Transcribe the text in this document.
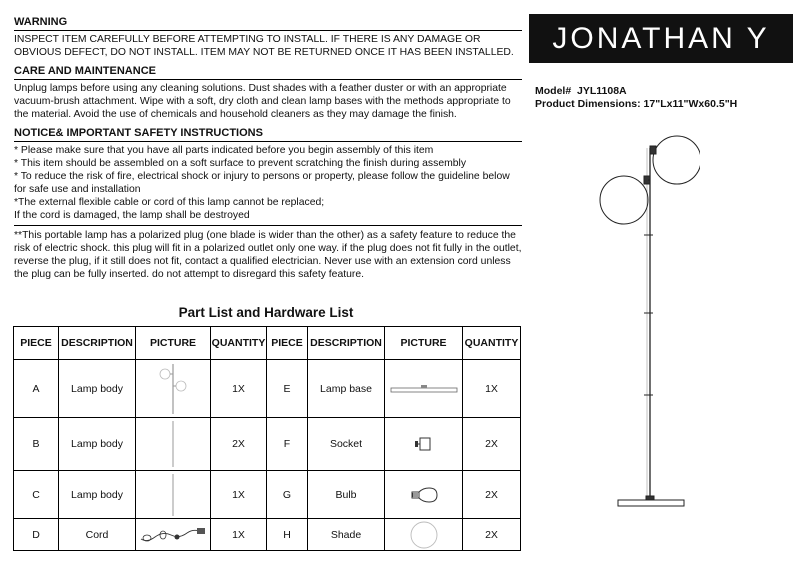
WARNING
INSPECT ITEM CAREFULLY BEFORE ATTEMPTING TO INSTALL. IF THERE IS ANY DAMAGE OR OBVIOUS DEFECT, DO NOT INSTALL. ITEM MAY NOT BE RETURNED ONCE IT HAS BEEN INSTALLED.
CARE AND MAINTENANCE
Unplug lamps before using any cleaning solutions. Dust shades with a feather duster or with an appropriate vacuum-brush attachment. Wipe with a soft, dry cloth and clean lamp bases with the methods appropriate to the material. Avoid the use of chemicals and household cleaners as they may damage the finish.
NOTICE& IMPORTANT SAFETY INSTRUCTIONS

* Please make sure that you have all parts indicated before you begin assembly of this item

* This item should be assembled on a soft surface to prevent scratching the finish during assembly

* To reduce the risk of fire, electrical shock or injury to persons or property, please follow the guideline below for safe use and installation

*The external flexible cable or cord of this lamp cannot be replaced;

If the cord is damaged, the lamp shall be destroyed

**This portable lamp has a polarized plug (one blade is wider than the other) as a safety feature to reduce the risk of electric shock. this plug will fit in a polarized outlet only one way. if the plug does not fit fully in the outlet, reverse the plug, if it still does not fit, contact a qualified electrician. Never use with an extension cord unless the plug can be fully inserted. do not attempt to disregard this safety feature.
Part List and Hardware List
PIECE	DESCRIPTION	PICTURE	QUANTITY	PIECE	DESCRIPTION	PICTURE	QUANTITY
A	Lamp body		1X	E	Lamp base		1X
B	Lamp body		2X	F	Socket		2X
C	Lamp body		1X	G	Bulb		2X
D	Cord		1X	H	Shade		2X
JONATHAN Y
Model# JYL1108A
Product Dimensions: 17"Lx11"Wx60.5"H
